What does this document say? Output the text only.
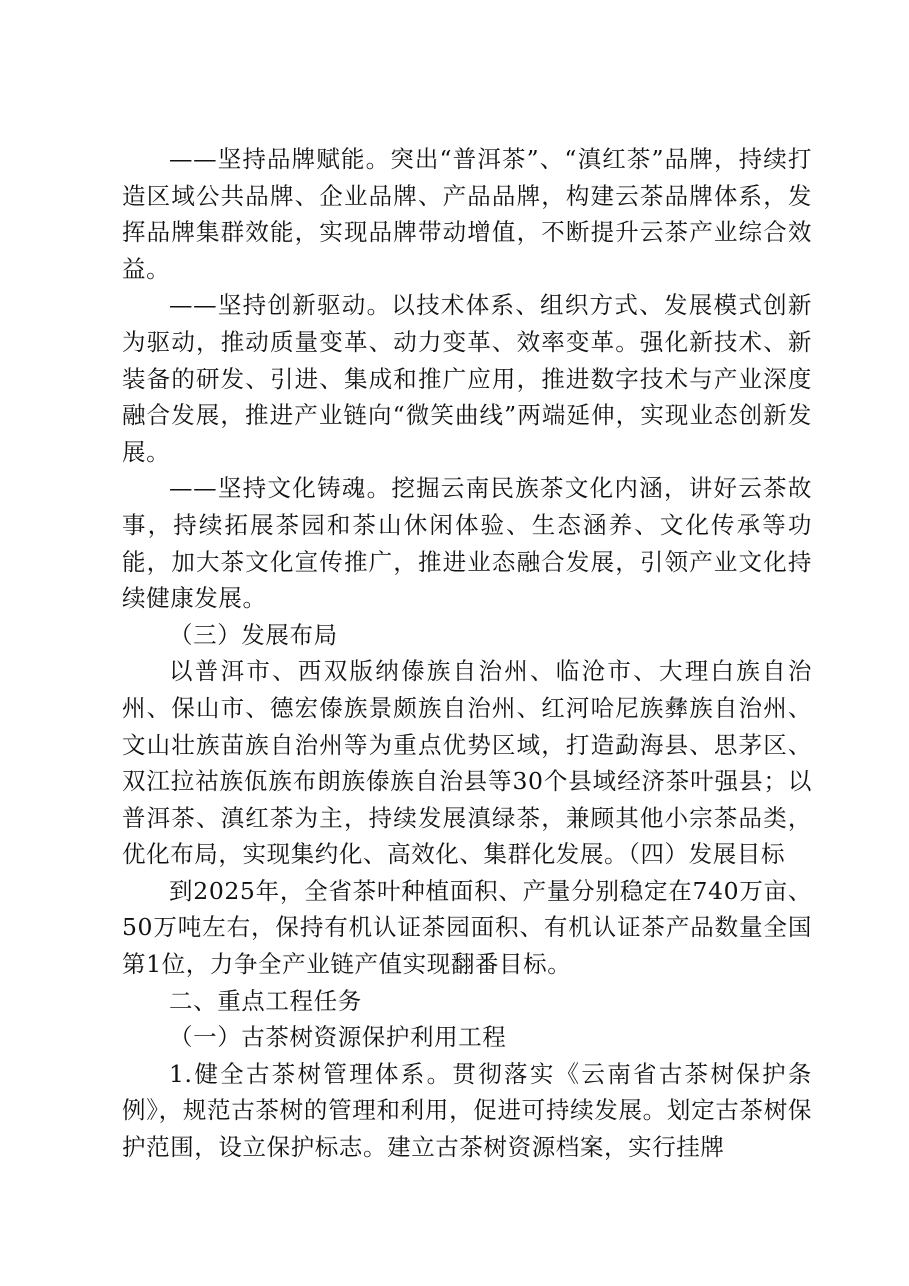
——坚持品牌赋能。突出“普洱茶”、“滇红茶”品牌，持续打造区域公共品牌、企业品牌、产品品牌，构建云茶品牌体系，发挥品牌集群效能，实现品牌带动增值，不断提升云茶产业综合效益。

——坚持创新驱动。以技术体系、组织方式、发展模式创新为驱动，推动质量变革、动力变革、效率变革。强化新技术、新装备的研发、引进、集成和推广应用，推进数字技术与产业深度融合发展，推进产业链向“微笑曲线”两端延伸，实现业态创新发展。

——坚持文化铸魂。挖掘云南民族茶文化内涵，讲好云茶故事，持续拓展茶园和茶山休闲体验、生态涵养、文化传承等功能，加大茶文化宣传推广，推进业态融合发展，引领产业文化持续健康发展。

（三）发展布局

以普洱市、西双版纳傣族自治州、临沧市、大理白族自治州、保山市、德宏傣族景颇族自治州、红河哈尼族彝族自治州、文山壮族苗族自治州等为重点优势区域，打造勐海县、思茅区、双江拉祜族佤族布朗族傣族自治县等30个县域经济茶叶强县；以普洱茶、滇红茶为主，持续发展滇绿茶，兼顾其他小宗茶品类，优化布局，实现集约化、高效化、集群化发展。（四）发展目标

到2025年，全省茶叶种植面积、产量分别稳定在740万亩、50万吨左右，保持有机认证茶园面积、有机认证茶产品数量全国第1位，力争全产业链产值实现翻番目标。

二、重点工程任务

（一）古茶树资源保护利用工程

1.健全古茶树管理体系。贯彻落实《云南省古茶树保护条例》，规范古茶树的管理和利用，促进可持续发展。划定古茶树保护范围，设立保护标志。建立古茶树资源档案，实行挂牌
